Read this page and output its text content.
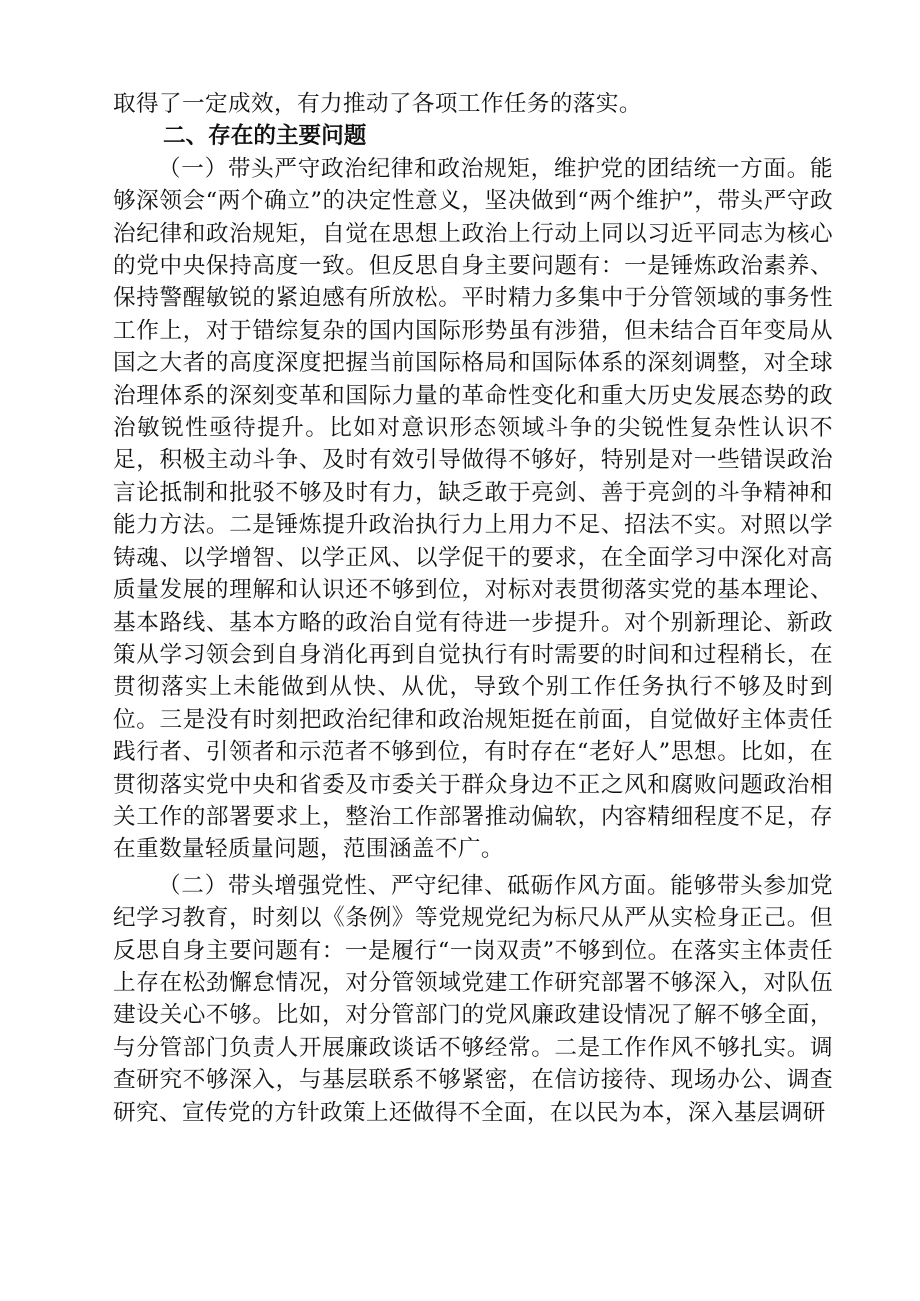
取得了一定成效，有力推动了各项工作任务的落实。

二、存在的主要问题

（一）带头严守政治纪律和政治规矩，维护党的团结统一方面。能够深领会“两个确立”的决定性意义，坚决做到“两个维护”，带头严守政治纪律和政治规矩，自觉在思想上政治上行动上同以习近平同志为核心的党中央保持高度一致。但反思自身主要问题有：一是锤炼政治素养、保持警醒敏锐的紧迫感有所放松。平时精力多集中于分管领域的事务性工作上，对于错综复杂的国内国际形势虽有涉猎，但未结合百年变局从国之大者的高度深度把握当前国际格局和国际体系的深刻调整，对全球治理体系的深刻变革和国际力量的革命性变化和重大历史发展态势的政治敏锐性亟待提升。比如对意识形态领域斗争的尖锐性复杂性认识不足，积极主动斗争、及时有效引导做得不够好，特别是对一些错误政治言论抵制和批驳不够及时有力，缺乏敢于亮剑、善于亮剑的斗争精神和能力方法。二是锤炼提升政治执行力上用力不足、招法不实。对照以学铸魂、以学增智、以学正风、以学促干的要求，在全面学习中深化对高质量发展的理解和认识还不够到位，对标对表贯彻落实党的基本理论、基本路线、基本方略的政治自觉有待进一步提升。对个别新理论、新政策从学习领会到自身消化再到自觉执行有时需要的时间和过程稍长，在贯彻落实上未能做到从快、从优，导致个别工作任务执行不够及时到位。三是没有时刻把政治纪律和政治规矩挺在前面，自觉做好主体责任践行者、引领者和示范者不够到位，有时存在“老好人”思想。比如，在贯彻落实党中央和省委及市委关于群众身边不正之风和腐败问题政治相关工作的部署要求上，整治工作部署推动偏软，内容精细程度不足，存在重数量轻质量问题，范围涵盖不广。

（二）带头增强党性、严守纪律、砥砺作风方面。能够带头参加党纪学习教育，时刻以《条例》等党规党纪为标尺从严从实检身正己。但反思自身主要问题有：一是履行“一岗双责”不够到位。在落实主体责任上存在松劲懈怠情况，对分管领域党建工作研究部署不够深入，对队伍建设关心不够。比如，对分管部门的党风廉政建设情况了解不够全面，与分管部门负责人开展廉政谈话不够经常。二是工作作风不够扎实。调查研究不够深入，与基层联系不够紧密，在信访接待、现场办公、调查研究、宣传党的方针政策上还做得不全面，在以民为本，深入基层调研
